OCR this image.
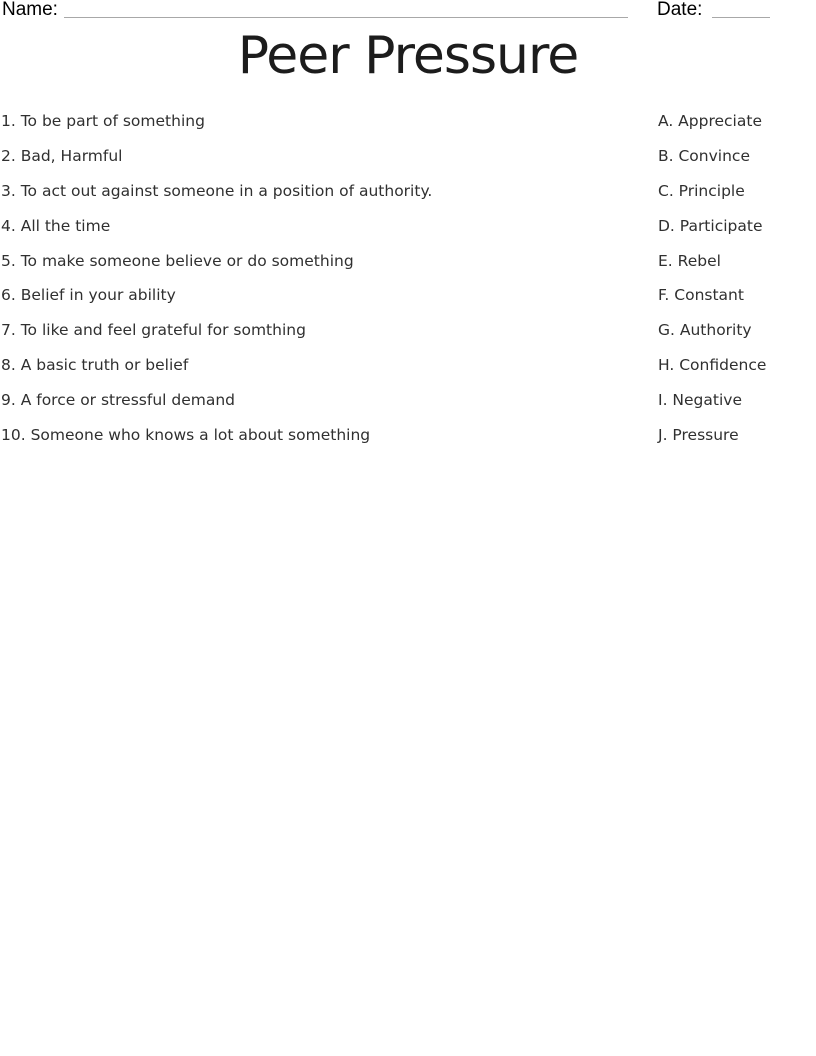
Name:	Date:
Peer Pressure
1. To be part of something
2. Bad, Harmful
3. To act out against someone in a position of authority.
4. All the time
5. To make someone believe or do something
6. Belief in your ability
7. To like and feel grateful for somthing
8. A basic truth or belief
9. A force or stressful demand
10. Someone who knows a lot about something
A. Appreciate
B. Convince
C. Principle
D. Participate
E. Rebel
F. Constant
G. Authority
H. Confidence
I. Negative
J. Pressure
